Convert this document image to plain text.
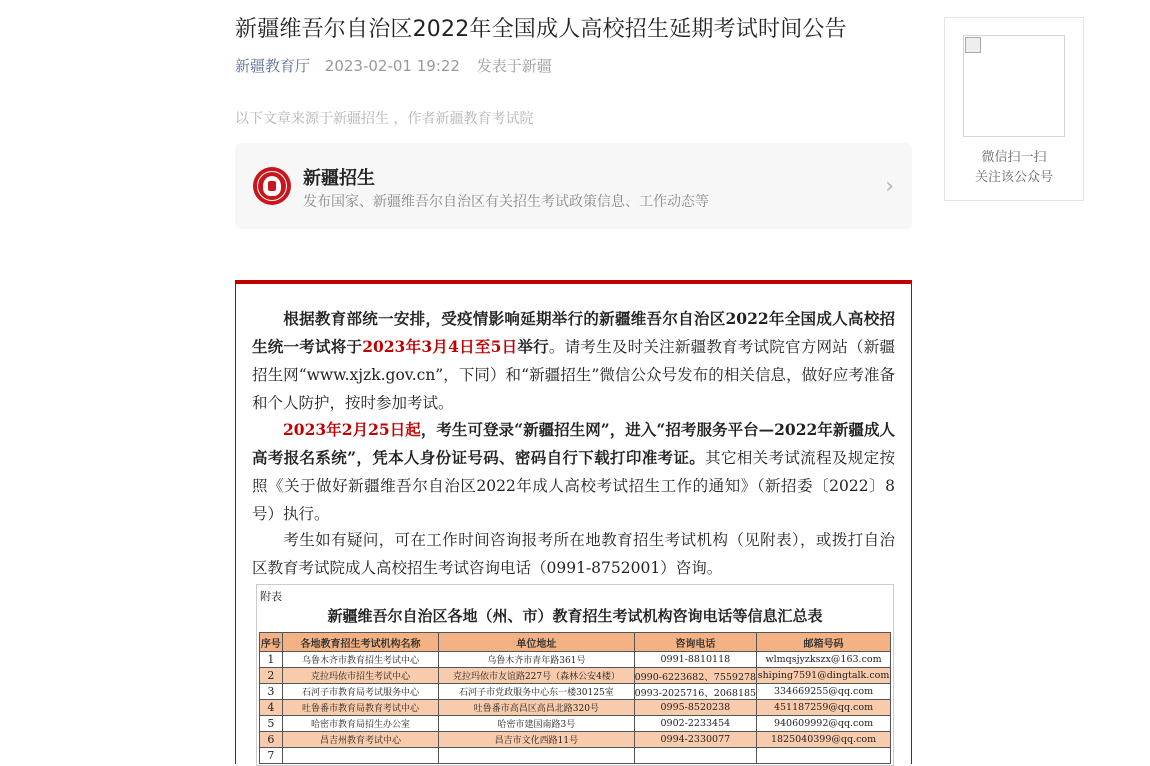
新疆维吾尔自治区2022年全国成人高校招生延期考试时间公告
新疆教育厅 2023-02-01 19:22 发表于新疆
以下文章来源于新疆招生 ，作者新疆教育考试院
新疆招生
发布国家、新疆维吾尔自治区有关招生考试政策信息、工作动态等
›
微信扫一扫
关注该公众号
根据教育部统一安排，受疫情影响延期举行的新疆维吾尔自治区2022年全国成人高校招生统一考试将于2023年3月4日至5日举行。请考生及时关注新疆教育考试院官方网站（新疆招生网“www.xjzk.gov.cn”，下同）和“新疆招生”微信公众号发布的相关信息，做好应考准备和个人防护，按时参加考试。
2023年2月25日起，考生可登录“新疆招生网”，进入“招考服务平台—2022年新疆成人高考报名系统”，凭本人身份证号码、密码自行下载打印准考证。其它相关考试流程及规定按照《关于做好新疆维吾尔自治区2022年成人高校考试招生工作的通知》（新招委〔2022〕8号）执行。
考生如有疑问，可在工作时间咨询报考所在地教育招生考试机构（见附表），或拨打自治区教育考试院成人高校招生考试咨询电话（0991-8752001）咨询。
附表
新疆维吾尔自治区各地（州、市）教育招生考试机构咨询电话等信息汇总表
序号	各地教育招生考试机构名称	单位地址	咨询电话	邮箱号码
1	乌鲁木齐市教育招生考试中心	乌鲁木齐市青年路361号	0991-8810118	wlmqsjyzkszx@163.com
2	克拉玛依市招生考试中心	克拉玛依市友谊路227号（森林公安4楼）	0990-6223682、7559278	shiping7591@dingtalk.com
3	石河子市教育局考试服务中心	石河子市党政服务中心东一楼30125室	0993-2025716、2068185	334669255@qq.com
4	吐鲁番市教育局教育考试中心	吐鲁番市高昌区高昌北路320号	0995-8520238	451187259@qq.com
5	哈密市教育局招生办公室	哈密市建国南路3号	0902-2233454	940609992@qq.com
6	昌吉州教育考试中心	昌吉市文化西路11号	0994-2330077	1825040399@qq.com
7				
